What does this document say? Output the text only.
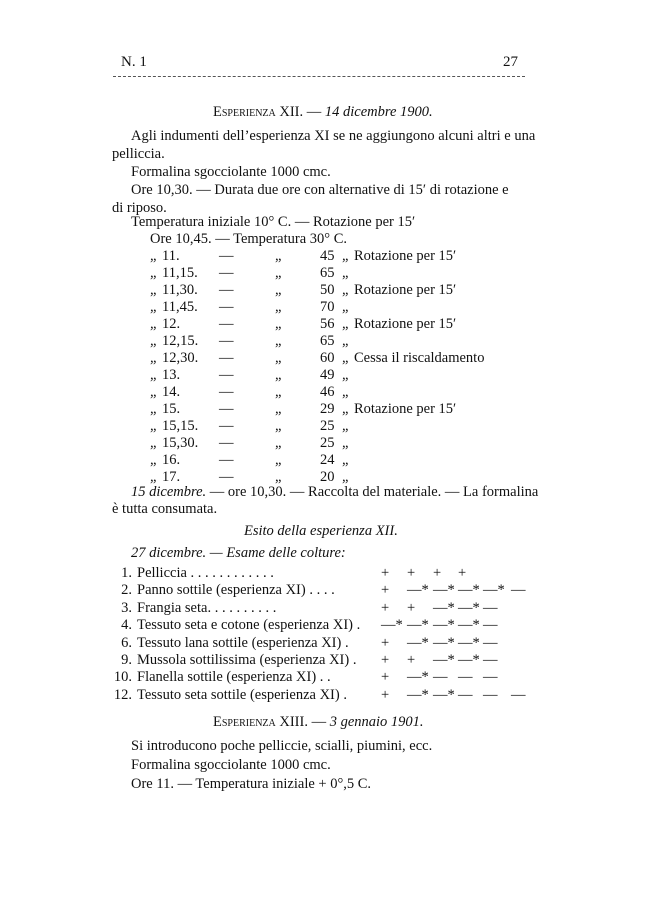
N. 1	27
Esperienza XII. — 14 dicembre 1900.
Agli indumenti dell’esperienza XI se ne aggiungono alcuni altri e una
pelliccia.
Formalina sgocciolante 1000 cmc.
Ore 10,30. — Durata due ore con alternative di 15′ di rotazione e
di riposo.
Temperatura iniziale 10° C. — Rotazione per 15′
Ore 10,45. — Temperatura 30° C.
„ 11.	—	„	45 „ Rotazione per 15′
„ 11,15. —	„	65 „
„ 11,30. —	„	50 „ Rotazione per 15′
„ 11,45. —	„	70 „
„ 12.	—	„	56 „ Rotazione per 15′
„ 12,15. —	„	65 „
„ 12,30. —	„	60 „ Cessa il riscaldamento
„ 13.	—	„	49 „
„ 14.	—	„	46 „
„ 15.	—	„	29 „ Rotazione per 15′
„ 15,15. —	„	25 „
„ 15,30. —	„	25 „
„ 16.	—	„	24 „
„ 17.	—	„	20 „
15 dicembre. — ore 10,30. — Raccolta del materiale. — La formalina
è tutta consumata.
Esito della esperienza XII.
27 dicembre. — Esame delle colture:
1. Pelliccia . . . . . . . . . . . .	+ + + +
2. Panno sottile (esperienza XI) . . . .	+ —* —* —* —* —
3. Frangia seta. . . . . . . . . .	+ + —* —* —
4. Tessuto seta e cotone (esperienza XI) . —* —* —* —* —
6. Tessuto lana sottile (esperienza XI) . + —* —* —* —
9. Mussola sottilissima (esperienza XI) . + + —* —* —
10. Flanella sottile (esperienza XI) . .	+ —* — — —
12. Tessuto seta sottile (esperienza XI) . + —* —* — — —
Esperienza XIII. — 3 gennaio 1901.
Si introducono poche pelliccie, scialli, piumini, ecc.
Formalina sgocciolante 1000 cmc.
Ore 11. — Temperatura iniziale + 0°,5 C.
